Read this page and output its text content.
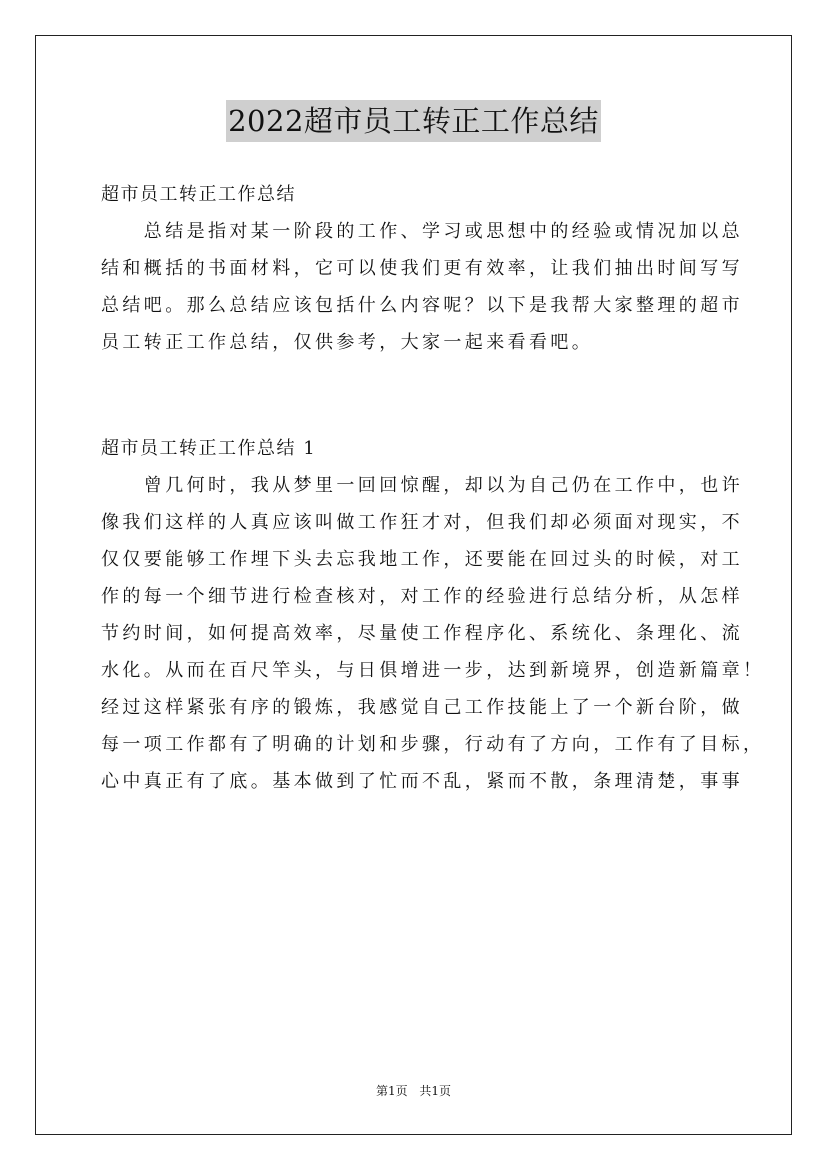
2022超市员工转正工作总结
超市员工转正工作总结
　　总结是指对某一阶段的工作、学习或思想中的经验或情况加以总
结和概括的书面材料，它可以使我们更有效率，让我们抽出时间写写
总结吧。那么总结应该包括什么内容呢？以下是我帮大家整理的超市
员工转正工作总结，仅供参考，大家一起来看看吧。
超市员工转正工作总结 1
　　曾几何时，我从梦里一回回惊醒，却以为自己仍在工作中，也许
像我们这样的人真应该叫做工作狂才对，但我们却必须面对现实，不
仅仅要能够工作埋下头去忘我地工作，还要能在回过头的时候，对工
作的每一个细节进行检查核对，对工作的经验进行总结分析，从怎样
节约时间，如何提高效率，尽量使工作程序化、系统化、条理化、流
水化。从而在百尺竿头，与日俱增进一步，达到新境界，创造新篇章！
经过这样紧张有序的锻炼，我感觉自己工作技能上了一个新台阶，做
每一项工作都有了明确的计划和步骤，行动有了方向，工作有了目标，
心中真正有了底。基本做到了忙而不乱，紧而不散，条理清楚，事事
第1页 共1页
